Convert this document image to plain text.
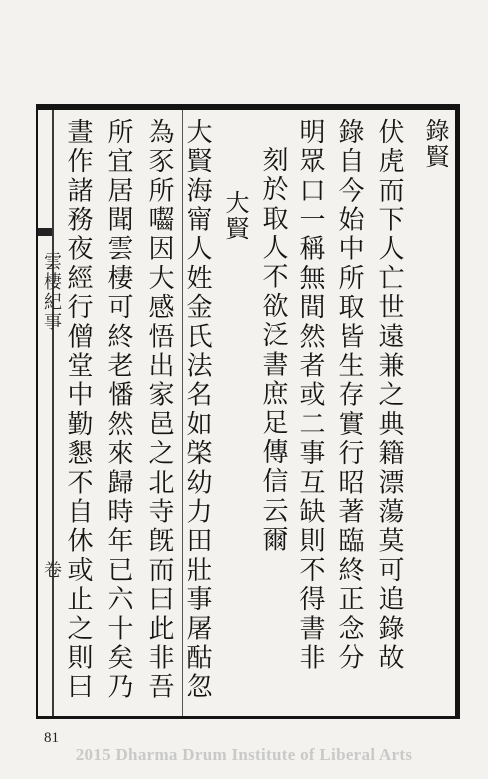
錄賢
伏虎而下人亡世遠兼之典籍漂蕩莫可追錄故
錄自今始中所取皆生存實行昭著臨終正念分
明眾口一稱無間然者或二事互缺則不得書非
刻於取人不欲泛書庶足傳信云爾
大賢
大賢海甯人姓金氏法名如棨幼力田壯事屠酤忽
為豕所囓因大感悟出家邑之北寺旣而曰此非吾
所宜居聞雲棲可終老憣然來歸時年已六十矣乃
晝作諸務夜經行僧堂中勤懇不自休或止之則曰
雲棲紀事
卷
81
2015 Dharma Drum Institute of Liberal Arts
